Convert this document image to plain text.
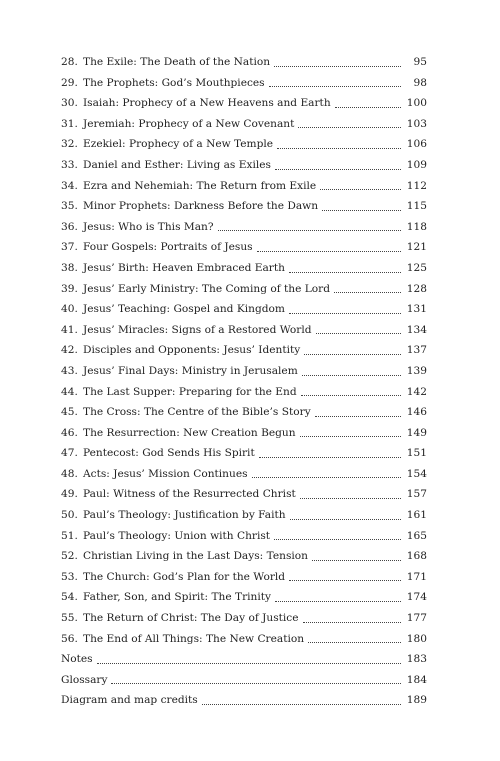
28. The Exile: The Death of the Nation	95
29. The Prophets: God’s Mouthpieces	98
30. Isaiah: Prophecy of a New Heavens and Earth	100
31. Jeremiah: Prophecy of a New Covenant	103
32. Ezekiel: Prophecy of a New Temple	106
33. Daniel and Esther: Living as Exiles	109
34. Ezra and Nehemiah: The Return from Exile	112
35. Minor Prophets: Darkness Before the Dawn	115
36. Jesus: Who is This Man?	118
37. Four Gospels: Portraits of Jesus	121
38. Jesus’ Birth: Heaven Embraced Earth	125
39. Jesus’ Early Ministry: The Coming of the Lord	128
40. Jesus’ Teaching: Gospel and Kingdom	131
41. Jesus’ Miracles: Signs of a Restored World	134
42. Disciples and Opponents: Jesus’ Identity	137
43. Jesus’ Final Days: Ministry in Jerusalem	139
44. The Last Supper: Preparing for the End	142
45. The Cross: The Centre of the Bible’s Story	146
46. The Resurrection: New Creation Begun	149
47. Pentecost: God Sends His Spirit	151
48. Acts: Jesus’ Mission Continues	154
49. Paul: Witness of the Resurrected Christ	157
50. Paul’s Theology: Justification by Faith	161
51. Paul’s Theology: Union with Christ	165
52. Christian Living in the Last Days: Tension	168
53. The Church: God’s Plan for the World	171
54. Father, Son, and Spirit: The Trinity	174
55. The Return of Christ: The Day of Justice	177
56. The End of All Things: The New Creation	180
Notes	183
Glossary	184
Diagram and map credits	189
